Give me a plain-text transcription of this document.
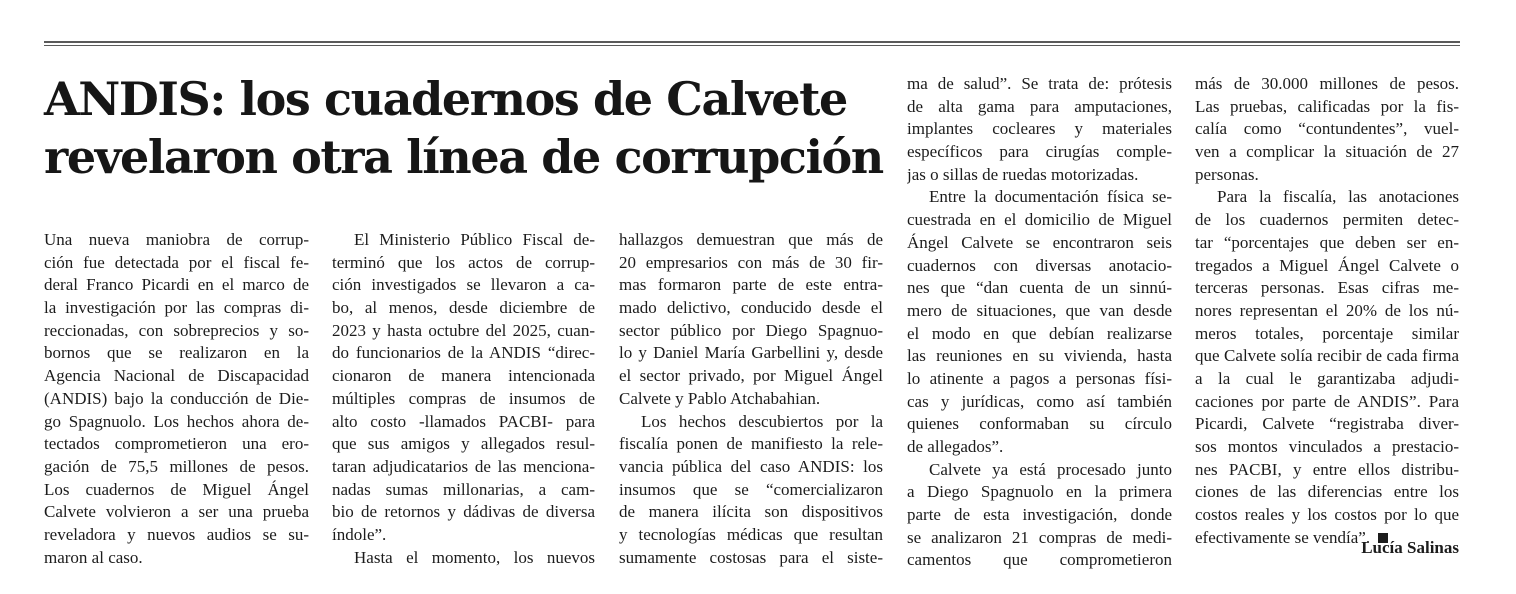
ANDIS: los cuadernos de Calvete
revelaron otra línea de corrupción
Una nueva maniobra de corrup-
ción fue detectada por el fiscal fe-
deral Franco Picardi en el marco de
la investigación por las compras di-
reccionadas, con sobreprecios y so-
bornos que se realizaron en la
Agencia Nacional de Discapacidad
(ANDIS) bajo la conducción de Die-
go Spagnuolo. Los hechos ahora de-
tectados comprometieron una ero-
gación de 75,5 millones de pesos.
Los cuadernos de Miguel Ángel
Calvete volvieron a ser una prueba
reveladora y nuevos audios se su-
maron al caso.
El Ministerio Público Fiscal de-
terminó que los actos de corrup-
ción investigados se llevaron a ca-
bo, al menos, desde diciembre de
2023 y hasta octubre del 2025, cuan-
do funcionarios de la ANDIS “direc-
cionaron de manera intencionada
múltiples compras de insumos de
alto costo -llamados PACBI- para
que sus amigos y allegados resul-
taran adjudicatarios de las menciona-
nadas sumas millonarias, a cam-
bio de retornos y dádivas de diversa
índole”.
Hasta el momento, los nuevos
hallazgos demuestran que más de
20 empresarios con más de 30 fir-
mas formaron parte de este entra-
mado delictivo, conducido desde el
sector público por Diego Spagnuo-
lo y Daniel María Garbellini y, desde
el sector privado, por Miguel Ángel
Calvete y Pablo Atchabahian.
Los hechos descubiertos por la
fiscalía ponen de manifiesto la rele-
vancia pública del caso ANDIS: los
insumos que se “comercializaron
de manera ilícita son dispositivos
y tecnologías médicas que resultan
sumamente costosas para el siste-
ma de salud”. Se trata de: prótesis
de alta gama para amputaciones,
implantes cocleares y materiales
específicos para cirugías comple-
jas o sillas de ruedas motorizadas.
Entre la documentación física se-
cuestrada en el domicilio de Miguel
Ángel Calvete se encontraron seis
cuadernos con diversas anotacio-
nes que “dan cuenta de un sinnú-
mero de situaciones, que van desde
el modo en que debían realizarse
las reuniones en su vivienda, hasta
lo atinente a pagos a personas físi-
cas y jurídicas, como así también
quienes conformaban su círculo
de allegados”.
Calvete ya está procesado junto
a Diego Spagnuolo en la primera
parte de esta investigación, donde
se analizaron 21 compras de medi-
camentos que comprometieron
más de 30.000 millones de pesos.
Las pruebas, calificadas por la fis-
calía como “contundentes”, vuel-
ven a complicar la situación de 27
personas.
Para la fiscalía, las anotaciones
de los cuadernos permiten detec-
tar “porcentajes que deben ser en-
tregados a Miguel Ángel Calvete o
terceras personas. Esas cifras me-
nores representan el 20% de los nú-
meros totales, porcentaje similar
que Calvete solía recibir de cada firma
a la cual le garantizaba adjudi-
caciones por parte de ANDIS”. Para
Picardi, Calvete “registraba diver-
sos montos vinculados a prestacio-
nes PACBI, y entre ellos distribu-
ciones de las diferencias entre los
costos reales y los costos por lo que
efectivamente se vendía”.
Lucía Salinas
